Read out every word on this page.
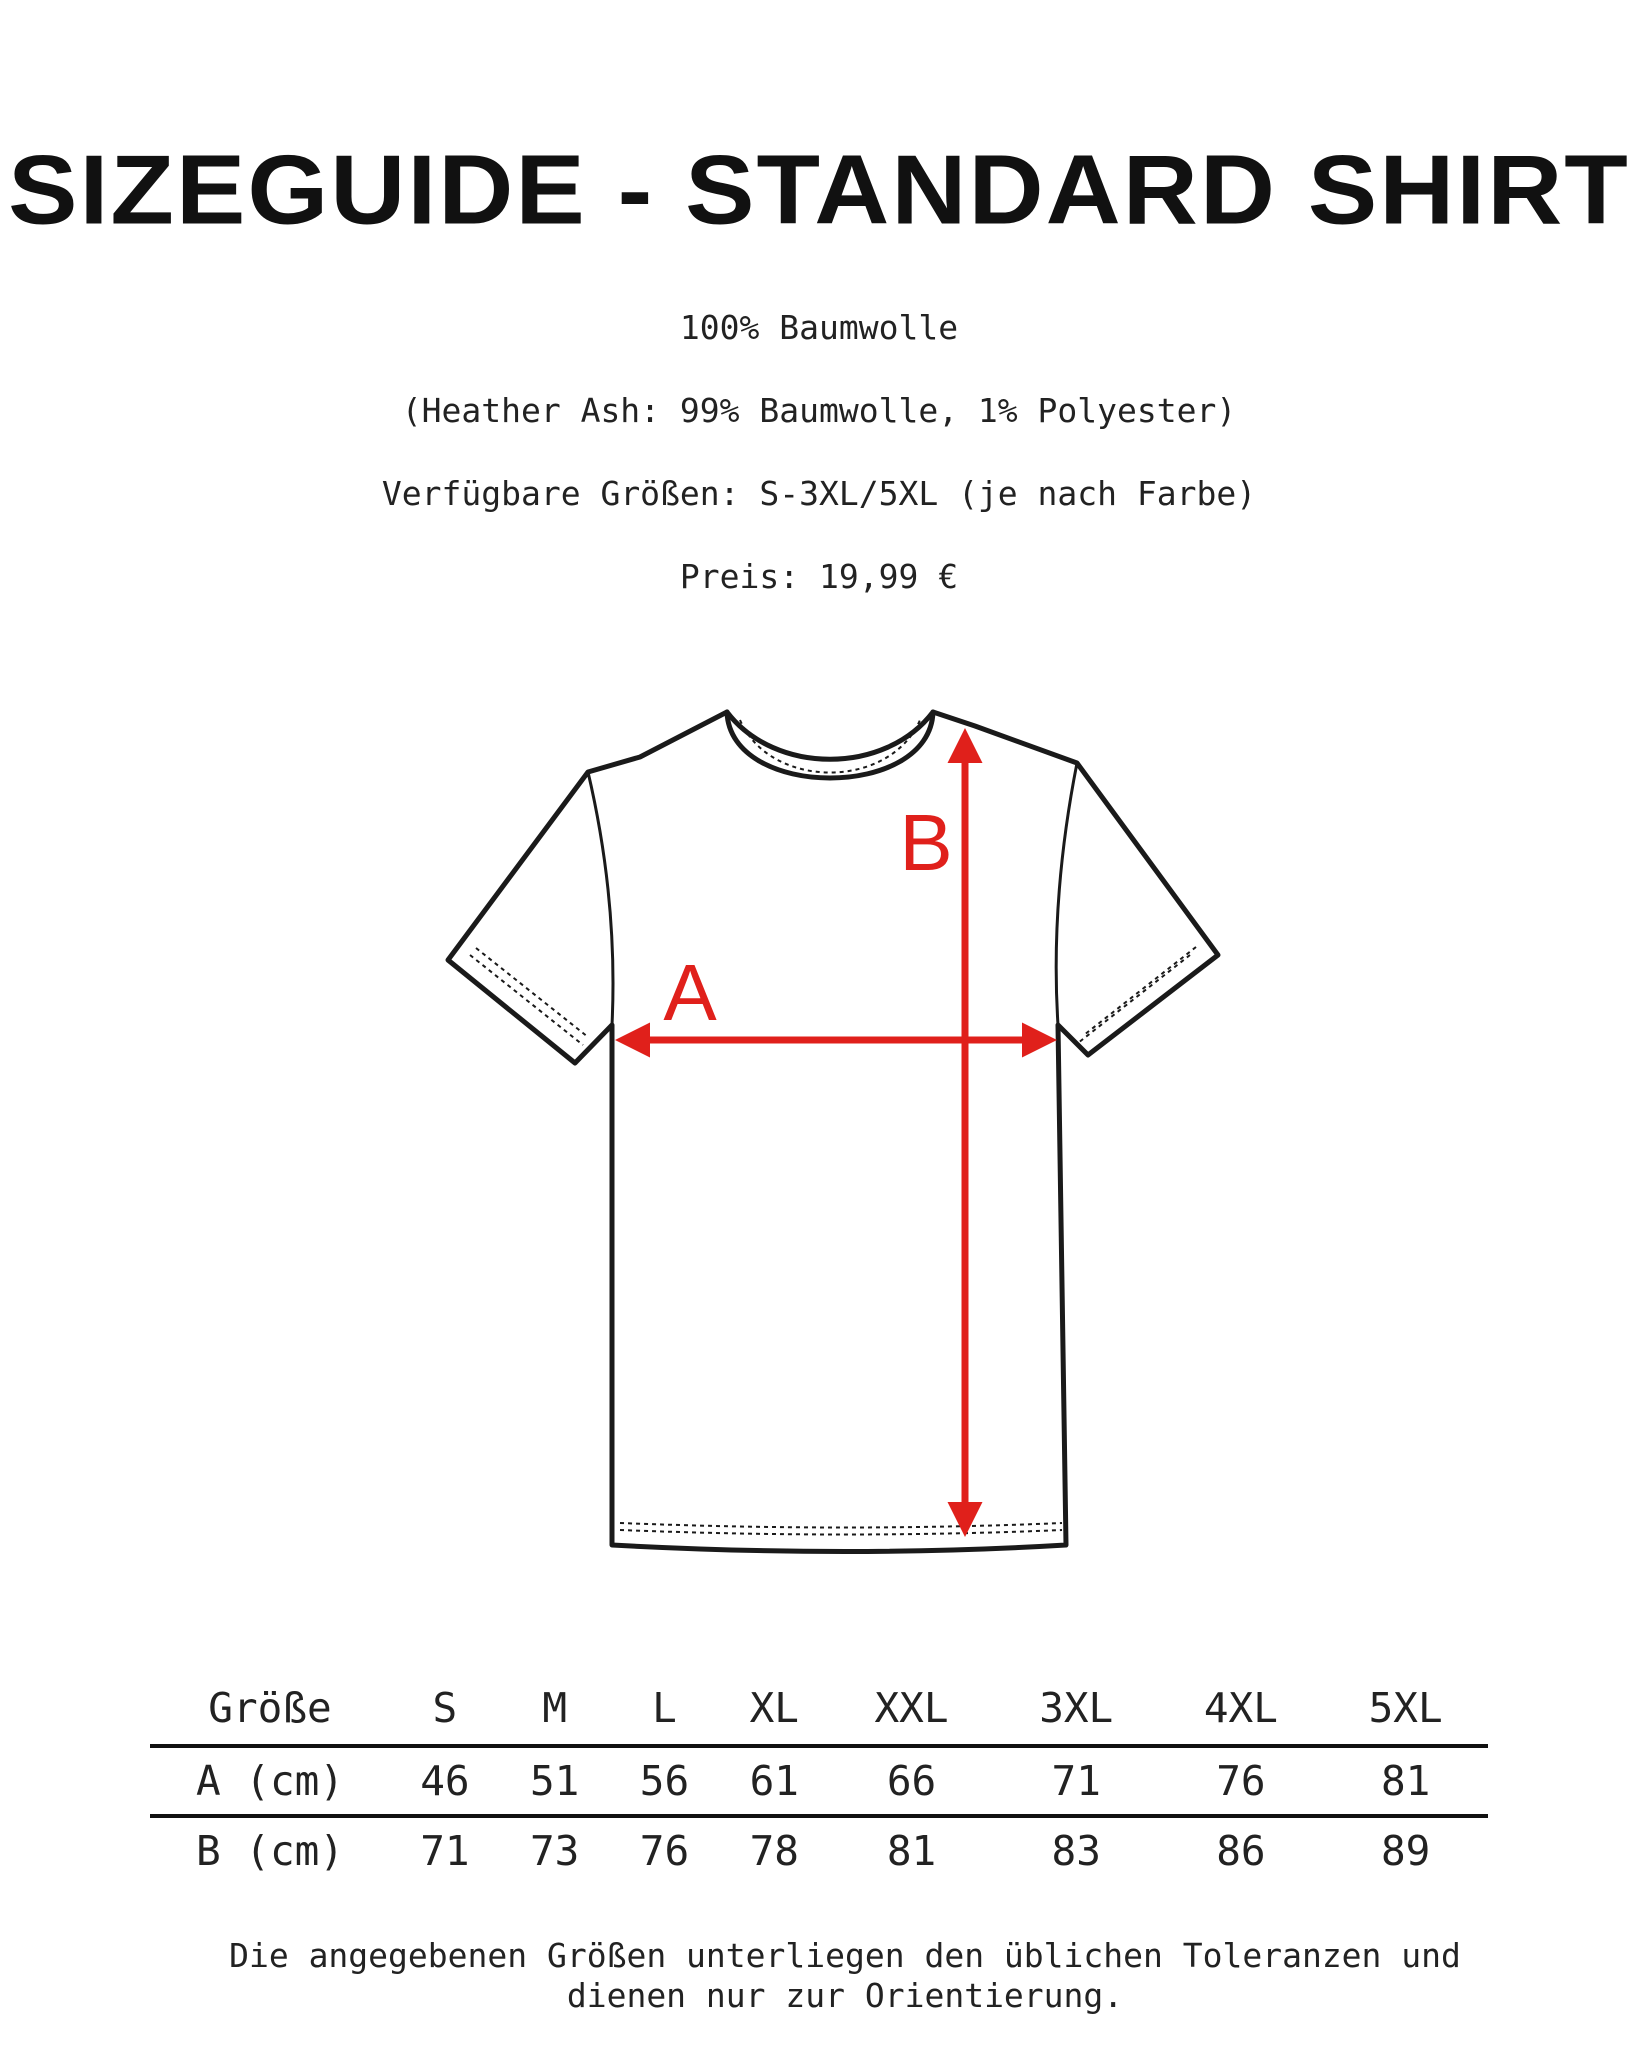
SIZEGUIDE - STANDARD SHIRT
100% Baumwolle
(Heather Ash: 99% Baumwolle, 1% Polyester)
Verfügbare Größen: S-3XL/5XL (je nach Farbe)
Preis: 19,99 €
A
B
Größe	S	M	L	XL	XXL	3XL	4XL	5XL
A (cm)	46	51	56	61	66	71	76	81
B (cm)	71	73	76	78	81	83	86	89
Die angegebenen Größen unterliegen den üblichen Toleranzen und dienen nur zur Orientierung.
